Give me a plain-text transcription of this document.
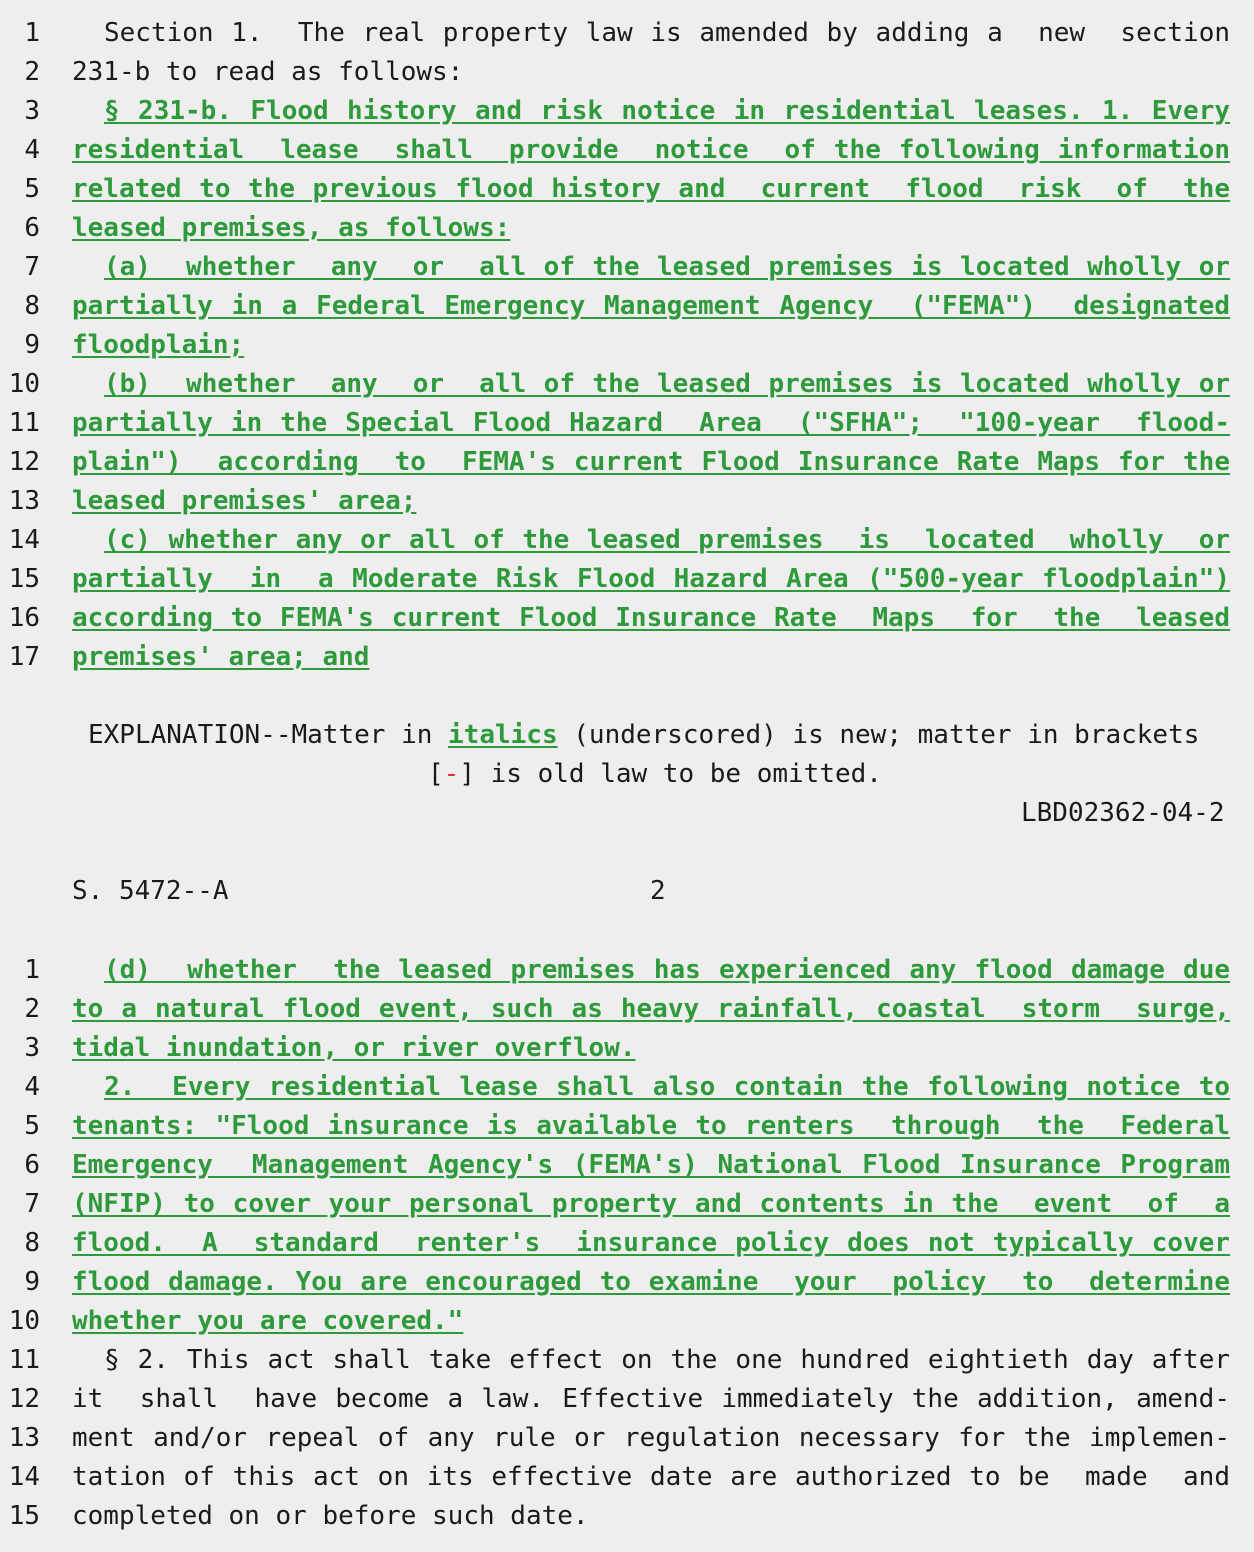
1 Section 1.  The real property law is amended by adding a  new  section
2 231-b to read as follows:
3 § 231-b. Flood history and risk notice in residential leases. 1. Every
4 residential  lease  shall  provide  notice  of the following information
5 related to the previous flood history and  current  flood  risk  of  the
6 leased premises, as follows:
7 (a)  whether  any  or  all of the leased premises is located wholly or
8 partially in a Federal Emergency Management Agency  ("FEMA")  designated
9 floodplain;
10 (b)  whether  any  or  all of the leased premises is located wholly or
11 partially in the Special Flood Hazard  Area  ("SFHA";  "100-year  flood-
12 plain")  according  to  FEMA's current Flood Insurance Rate Maps for the
13 leased premises' area;
14 (c) whether any or all of the leased premises  is  located  wholly  or
15 partially  in  a Moderate Risk Flood Hazard Area ("500-year floodplain")
16 according to FEMA's current Flood Insurance Rate  Maps  for  the  leased
17 premises' area; and
EXPLANATION--Matter in italics (underscored) is new; matter in brackets
[-] is old law to be omitted.
LBD02362-04-2
S. 5472--A	2
1 (d)  whether  the leased premises has experienced any flood damage due
2 to a natural flood event, such as heavy rainfall, coastal  storm  surge,
3 tidal inundation, or river overflow.
4 2.  Every residential lease shall also contain the following notice to
5 tenants: "Flood insurance is available to renters  through  the  Federal
6 Emergency  Management Agency's (FEMA's) National Flood Insurance Program
7 (NFIP) to cover your personal property and contents in the  event  of  a
8 flood.  A  standard  renter's  insurance policy does not typically cover
9 flood damage. You are encouraged to examine  your  policy  to  determine
10 whether you are covered."
11 § 2. This act shall take effect on the one hundred eightieth day after
12 it  shall  have become a law. Effective immediately the addition, amend-
13 ment and/or repeal of any rule or regulation necessary for the implemen-
14 tation of this act on its effective date are authorized to be  made  and
15 completed on or before such date.
